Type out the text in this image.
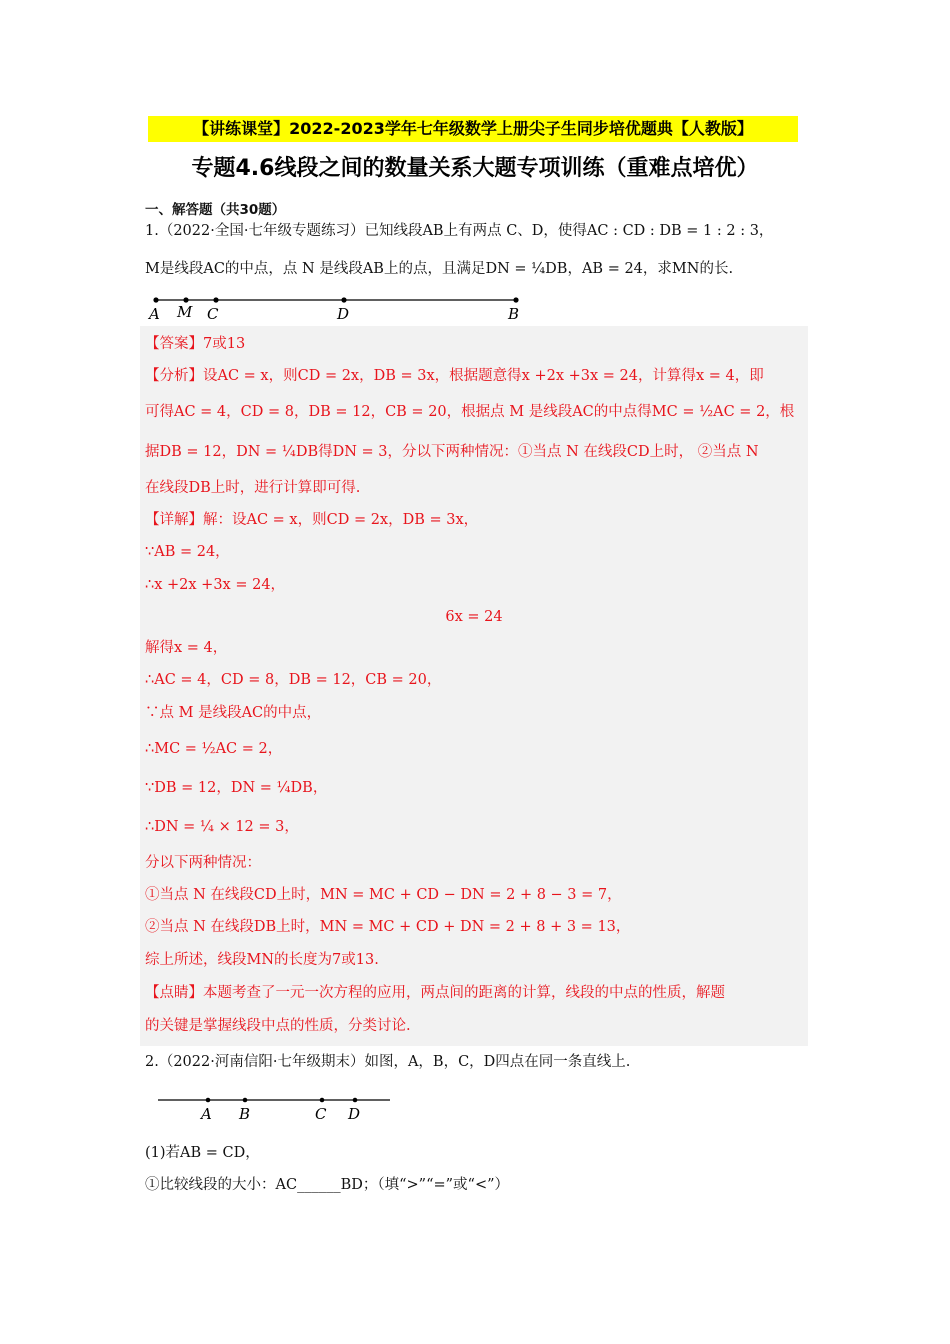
【讲练课堂】2022-2023学年七年级数学上册尖子生同步培优题典【人教版】
专题4.6线段之间的数量关系大题专项训练（重难点培优）
一、解答题（共30题）
1.（2022·全国·七年级专题练习）已知线段AB上有两点 C、D，使得AC : CD : DB = 1 : 2 : 3，
M是线段AC的中点，点 N 是线段AB上的点，且满足DN = ¼DB，AB = 24，求MN的长.
A M C	D	B
【答案】7或13
【分析】设AC = x，则CD = 2x，DB = 3x，根据题意得x +2x +3x = 24，计算得x = 4，即
可得AC = 4，CD = 8，DB = 12，CB = 20，根据点 M 是线段AC的中点得MC = ½AC = 2，根
据DB = 12，DN = ¼DB得DN = 3，分以下两种情况：①当点 N 在线段CD上时， ②当点 N
在线段DB上时，进行计算即可得.
【详解】解：设AC = x，则CD = 2x，DB = 3x，
∵AB = 24，
∴x +2x +3x = 24，
6x = 24
解得x = 4，
∴AC = 4，CD = 8，DB = 12，CB = 20，
∵点 M 是线段AC的中点，
∴MC = ½AC = 2，
∵DB = 12，DN = ¼DB，
∴DN = ¼ × 12 = 3，
分以下两种情况：
①当点 N 在线段CD上时，MN = MC + CD − DN = 2 + 8 − 3 = 7，
②当点 N 在线段DB上时，MN = MC + CD + DN = 2 + 8 + 3 = 13，
综上所述，线段MN的长度为7或13.
【点睛】本题考查了一元一次方程的应用，两点间的距离的计算，线段的中点的性质，解题
的关键是掌握线段中点的性质，分类讨论.
2.（2022·河南信阳·七年级期末）如图，A，B，C，D四点在同一条直线上.
A B	C D
(1)若AB = CD，
①比较线段的大小：AC______BD；（填“>”“=”或“<”）
